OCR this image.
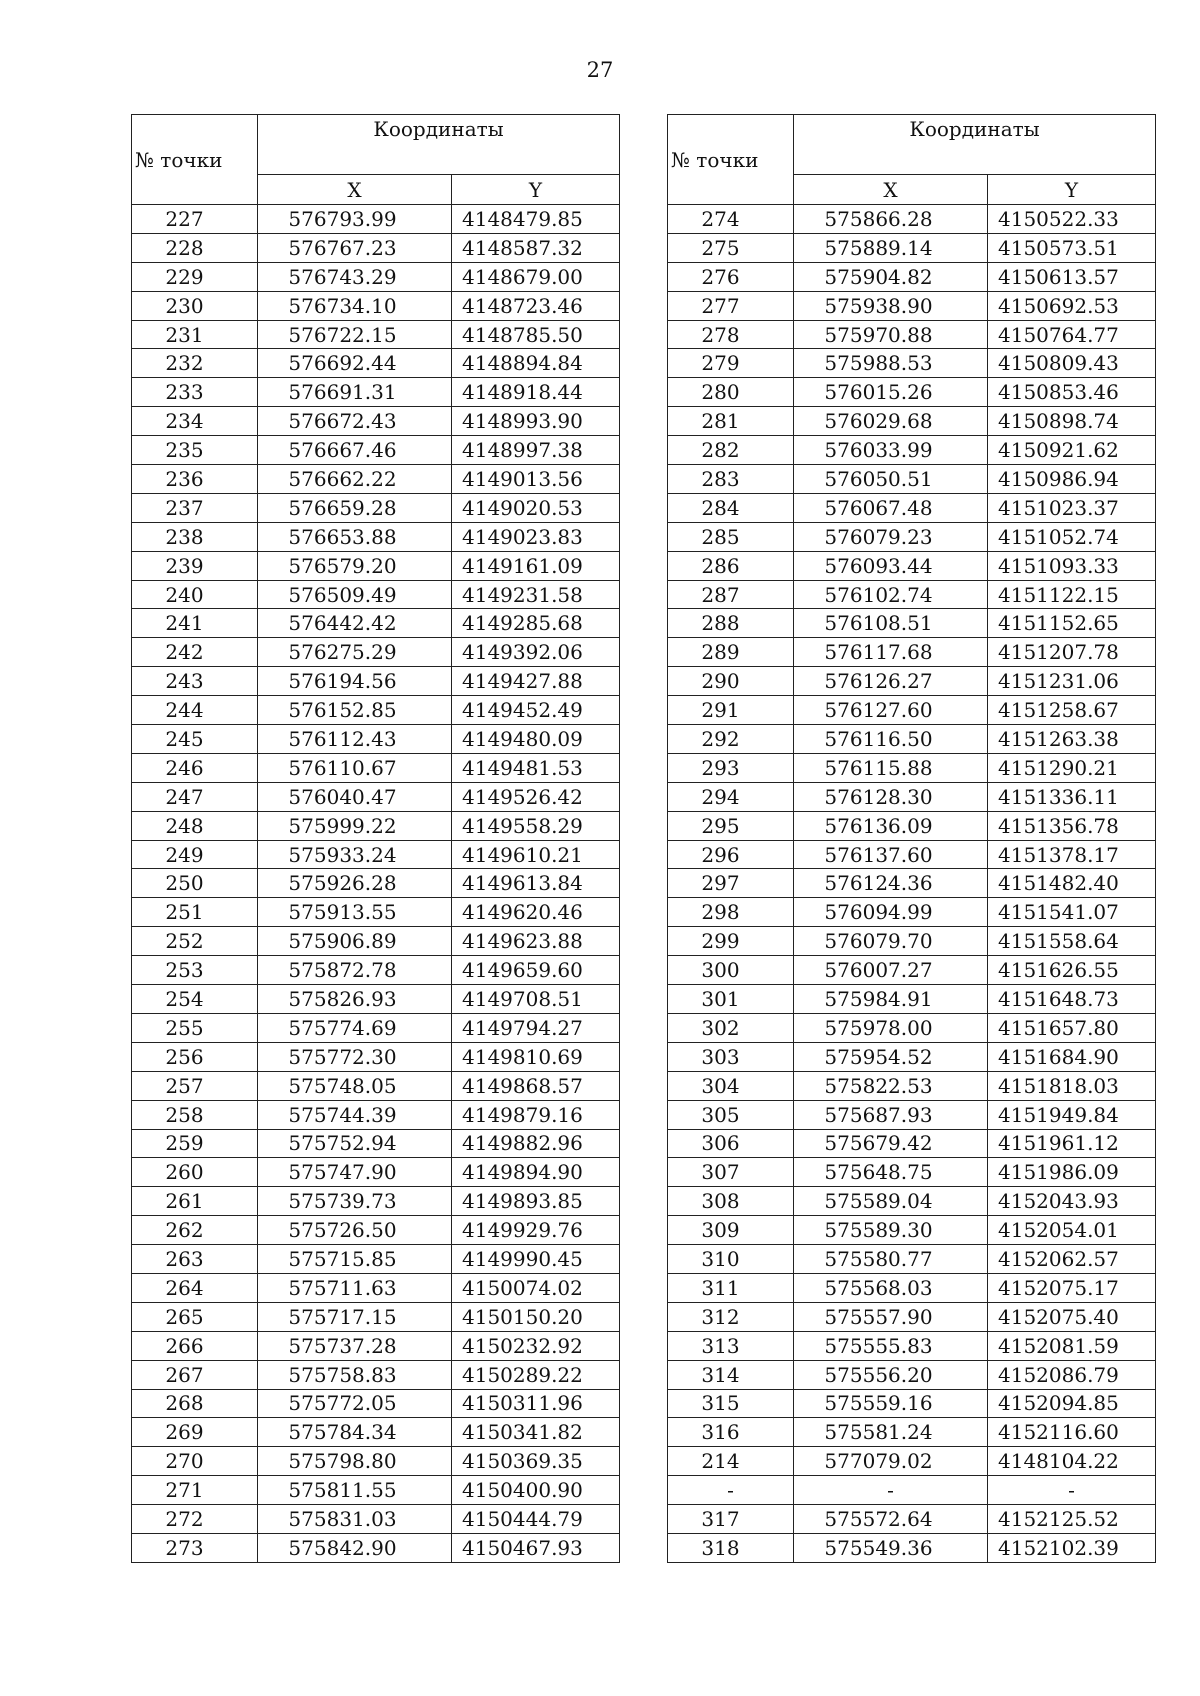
27
№ точки	Координаты	
	X	Y
227	576793.99	4148479.85
228	576767.23	4148587.32
229	576743.29	4148679.00
230	576734.10	4148723.46
231	576722.15	4148785.50
232	576692.44	4148894.84
233	576691.31	4148918.44
234	576672.43	4148993.90
235	576667.46	4148997.38
236	576662.22	4149013.56
237	576659.28	4149020.53
238	576653.88	4149023.83
239	576579.20	4149161.09
240	576509.49	4149231.58
241	576442.42	4149285.68
242	576275.29	4149392.06
243	576194.56	4149427.88
244	576152.85	4149452.49
245	576112.43	4149480.09
246	576110.67	4149481.53
247	576040.47	4149526.42
248	575999.22	4149558.29
249	575933.24	4149610.21
250	575926.28	4149613.84
251	575913.55	4149620.46
252	575906.89	4149623.88
253	575872.78	4149659.60
254	575826.93	4149708.51
255	575774.69	4149794.27
256	575772.30	4149810.69
257	575748.05	4149868.57
258	575744.39	4149879.16
259	575752.94	4149882.96
260	575747.90	4149894.90
261	575739.73	4149893.85
262	575726.50	4149929.76
263	575715.85	4149990.45
264	575711.63	4150074.02
265	575717.15	4150150.20
266	575737.28	4150232.92
267	575758.83	4150289.22
268	575772.05	4150311.96
269	575784.34	4150341.82
270	575798.80	4150369.35
271	575811.55	4150400.90
272	575831.03	4150444.79
273	575842.90	4150467.93
№ точки	Координаты	
	X	Y
274	575866.28	4150522.33
275	575889.14	4150573.51
276	575904.82	4150613.57
277	575938.90	4150692.53
278	575970.88	4150764.77
279	575988.53	4150809.43
280	576015.26	4150853.46
281	576029.68	4150898.74
282	576033.99	4150921.62
283	576050.51	4150986.94
284	576067.48	4151023.37
285	576079.23	4151052.74
286	576093.44	4151093.33
287	576102.74	4151122.15
288	576108.51	4151152.65
289	576117.68	4151207.78
290	576126.27	4151231.06
291	576127.60	4151258.67
292	576116.50	4151263.38
293	576115.88	4151290.21
294	576128.30	4151336.11
295	576136.09	4151356.78
296	576137.60	4151378.17
297	576124.36	4151482.40
298	576094.99	4151541.07
299	576079.70	4151558.64
300	576007.27	4151626.55
301	575984.91	4151648.73
302	575978.00	4151657.80
303	575954.52	4151684.90
304	575822.53	4151818.03
305	575687.93	4151949.84
306	575679.42	4151961.12
307	575648.75	4151986.09
308	575589.04	4152043.93
309	575589.30	4152054.01
310	575580.77	4152062.57
311	575568.03	4152075.17
312	575557.90	4152075.40
313	575555.83	4152081.59
314	575556.20	4152086.79
315	575559.16	4152094.85
316	575581.24	4152116.60
214	577079.02	4148104.22
-	-	-
317	575572.64	4152125.52
318	575549.36	4152102.39
